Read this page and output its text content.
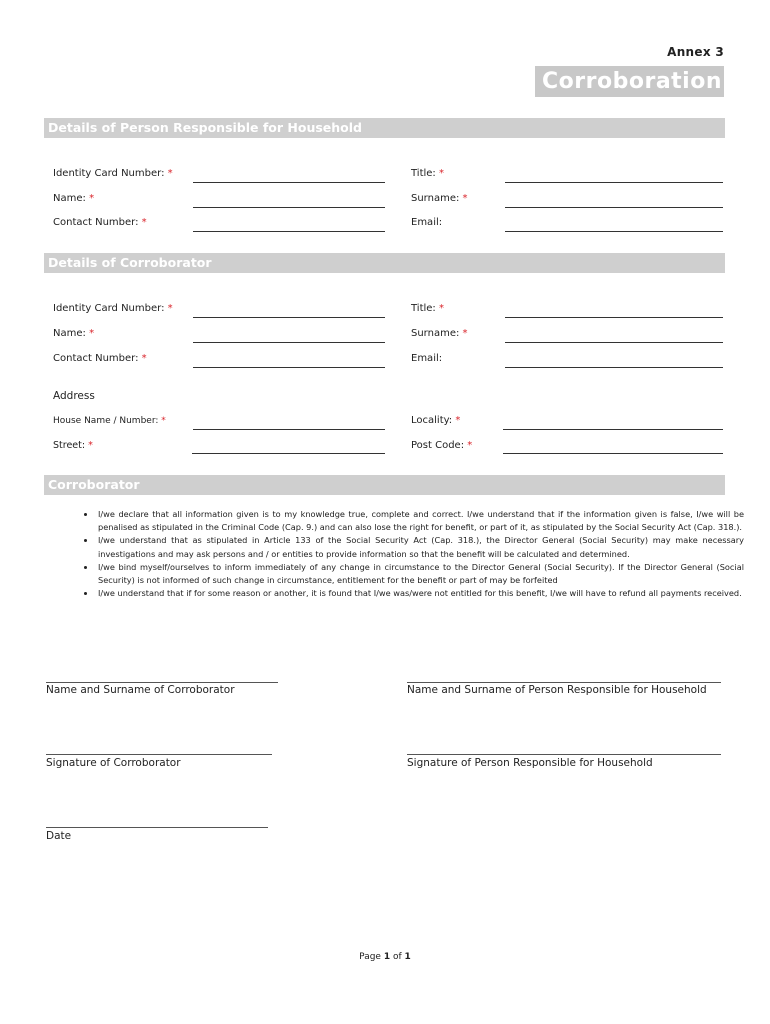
Annex 3
Corroboration
Details of Person Responsible for Household
Identity Card Number: *	Title: *
Name: *	Surname: *
Contact Number: *	Email:
Details of Corroborator
Identity Card Number: *	Title: *
Name: *	Surname: *
Contact Number: *	Email:
Address
House Name / Number: *	Locality: *
Street: *	Post Code: *
Corroborator
• I/we declare that all information given is to my knowledge true, complete and correct. I/we understand that if the information given is false, I/we will be penalised as stipulated in the Criminal Code (Cap. 9.) and can also lose the right for benefit, or part of it, as stipulated by the Social Security Act (Cap. 318.).
• I/we understand that as stipulated in Article 133 of the Social Security Act (Cap. 318.), the Director General (Social Security) may make necessary investigations and may ask persons and / or entities to provide information so that the benefit will be calculated and determined.
• I/we bind myself/ourselves to inform immediately of any change in circumstance to the Director General (Social Security). If the Director General (Social Security) is not informed of such change in circumstance, entitlement for the benefit or part of may be forfeited
• I/we understand that if for some reason or another, it is found that I/we was/were not entitled for this benefit, I/we will have to refund all payments received.
Name and Surname of Corroborator	Name and Surname of Person Responsible for Household
Signature of Corroborator	Signature of Person Responsible for Household
Date
Page 1 of 1
